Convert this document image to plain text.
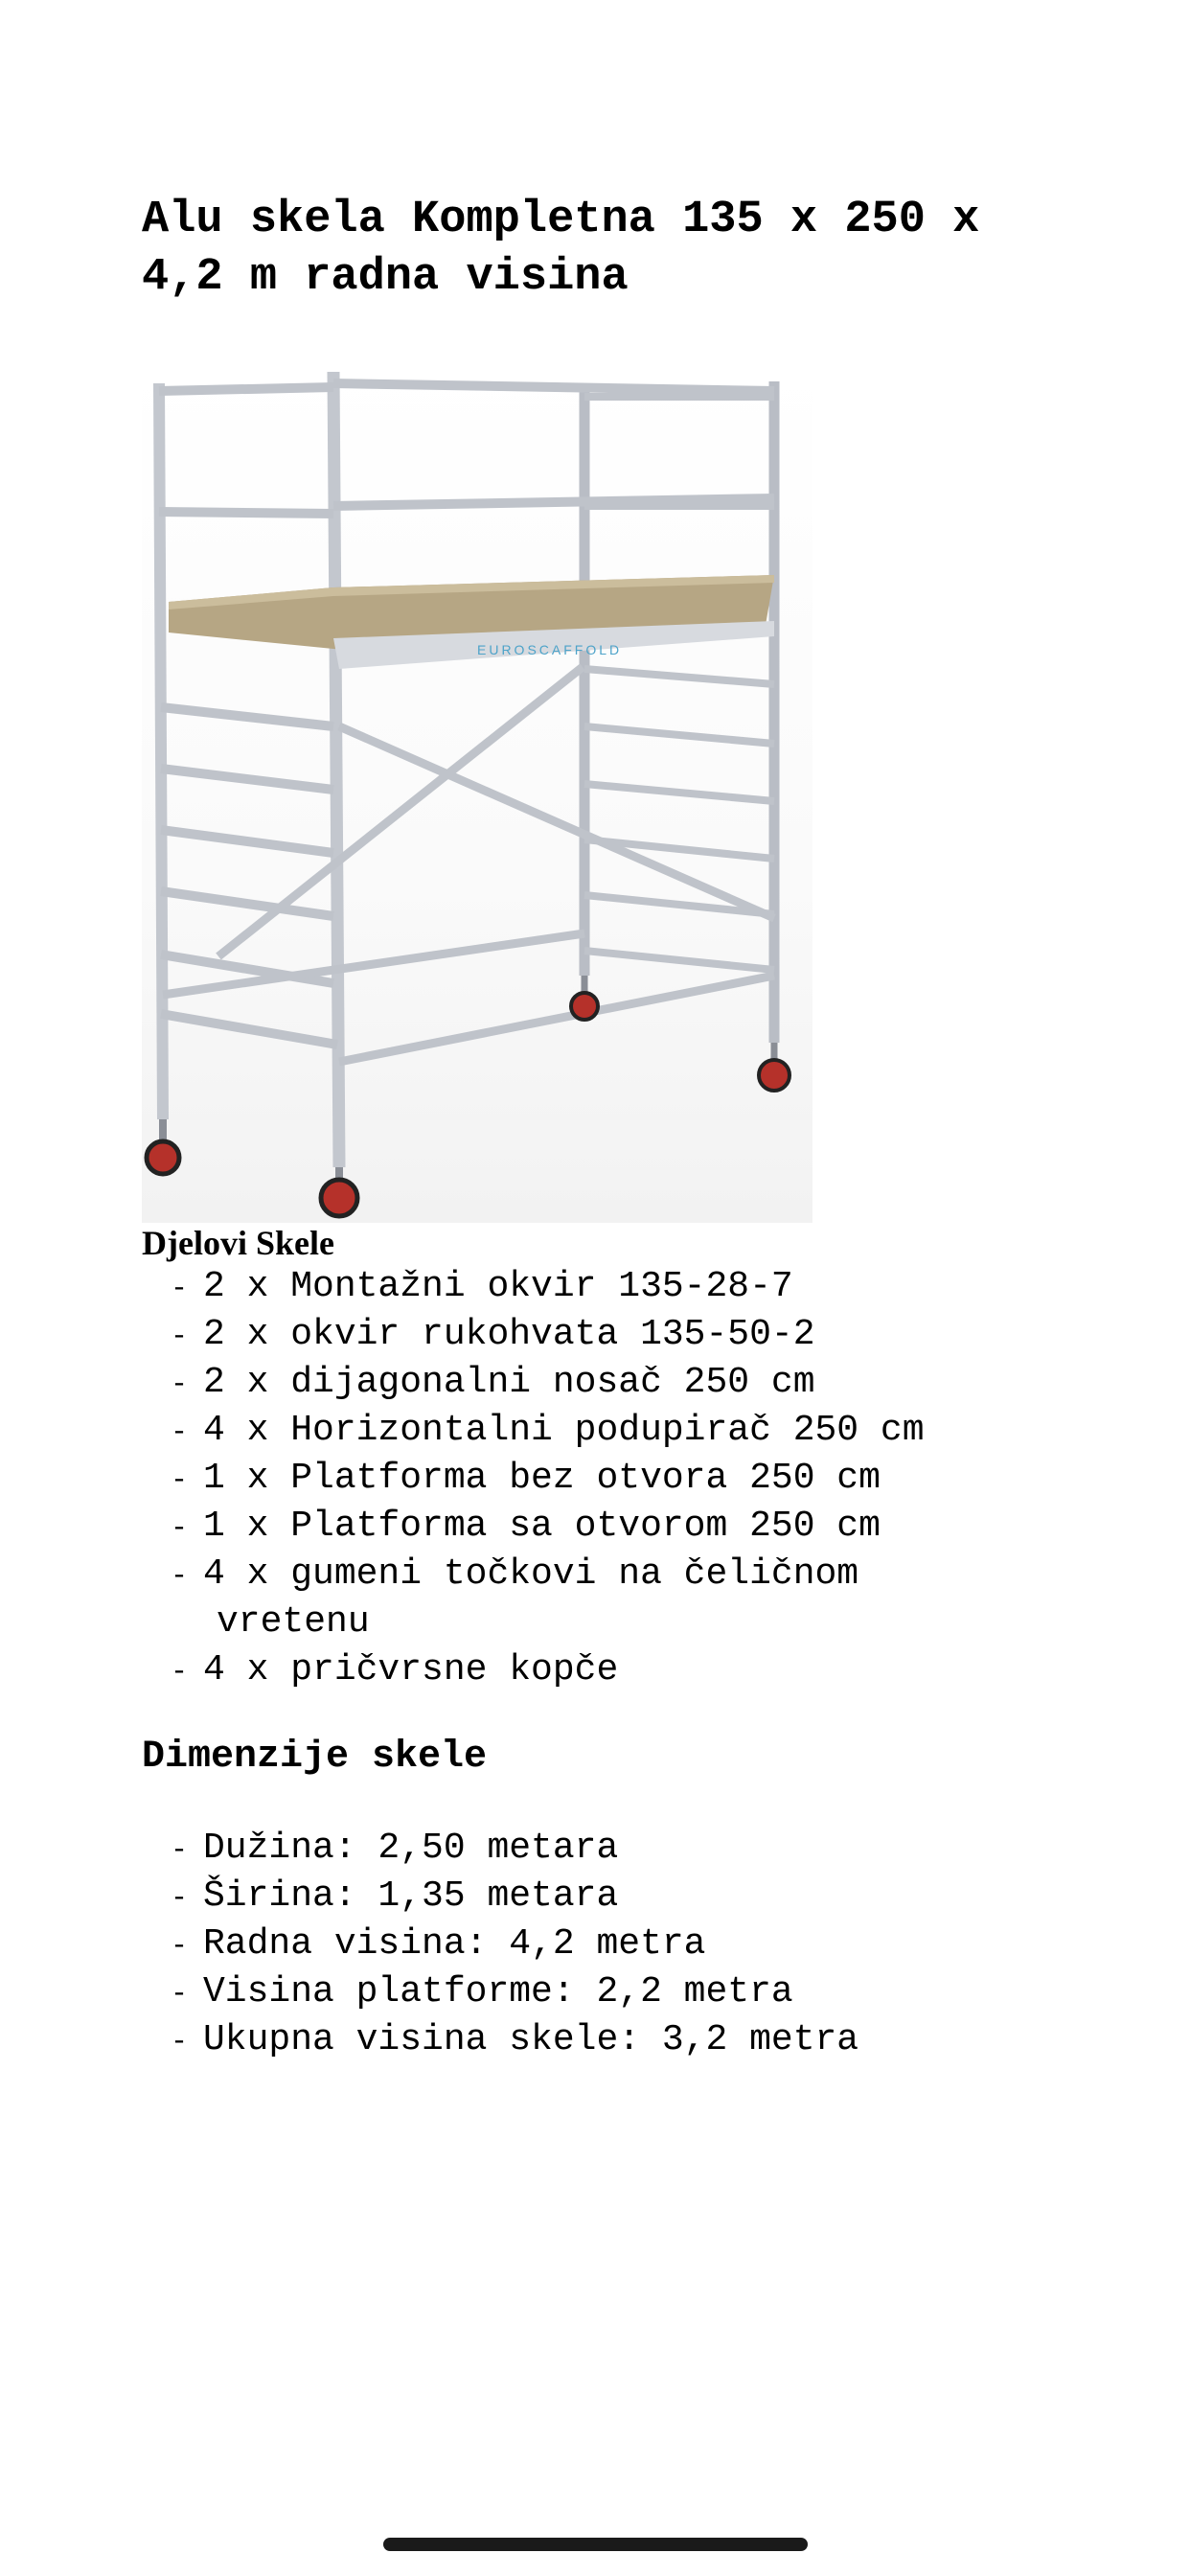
Alu skela Kompletna 135 x 250 x 4,2 m radna visina
EUROSCAFFOLD
Djelovi Skele
- 2 x Montažni okvir 135-28-7
- 2 x okvir rukohvata 135-50-2
- 2 x dijagonalni nosač 250 cm
- 4 x Horizontalni podupirač 250 cm
- 1 x Platforma bez otvora 250 cm
- 1 x Platforma sa otvorom 250 cm
- 4 x gumeni točkovi na čeličnom
vretenu
- 4 x pričvrsne kopče
Dimenzije skele
- Dužina: 2,50 metara
- Širina: 1,35 metara
- Radna visina: 4,2 metra
- Visina platforme: 2,2 metra
- Ukupna visina skele: 3,2 metra
